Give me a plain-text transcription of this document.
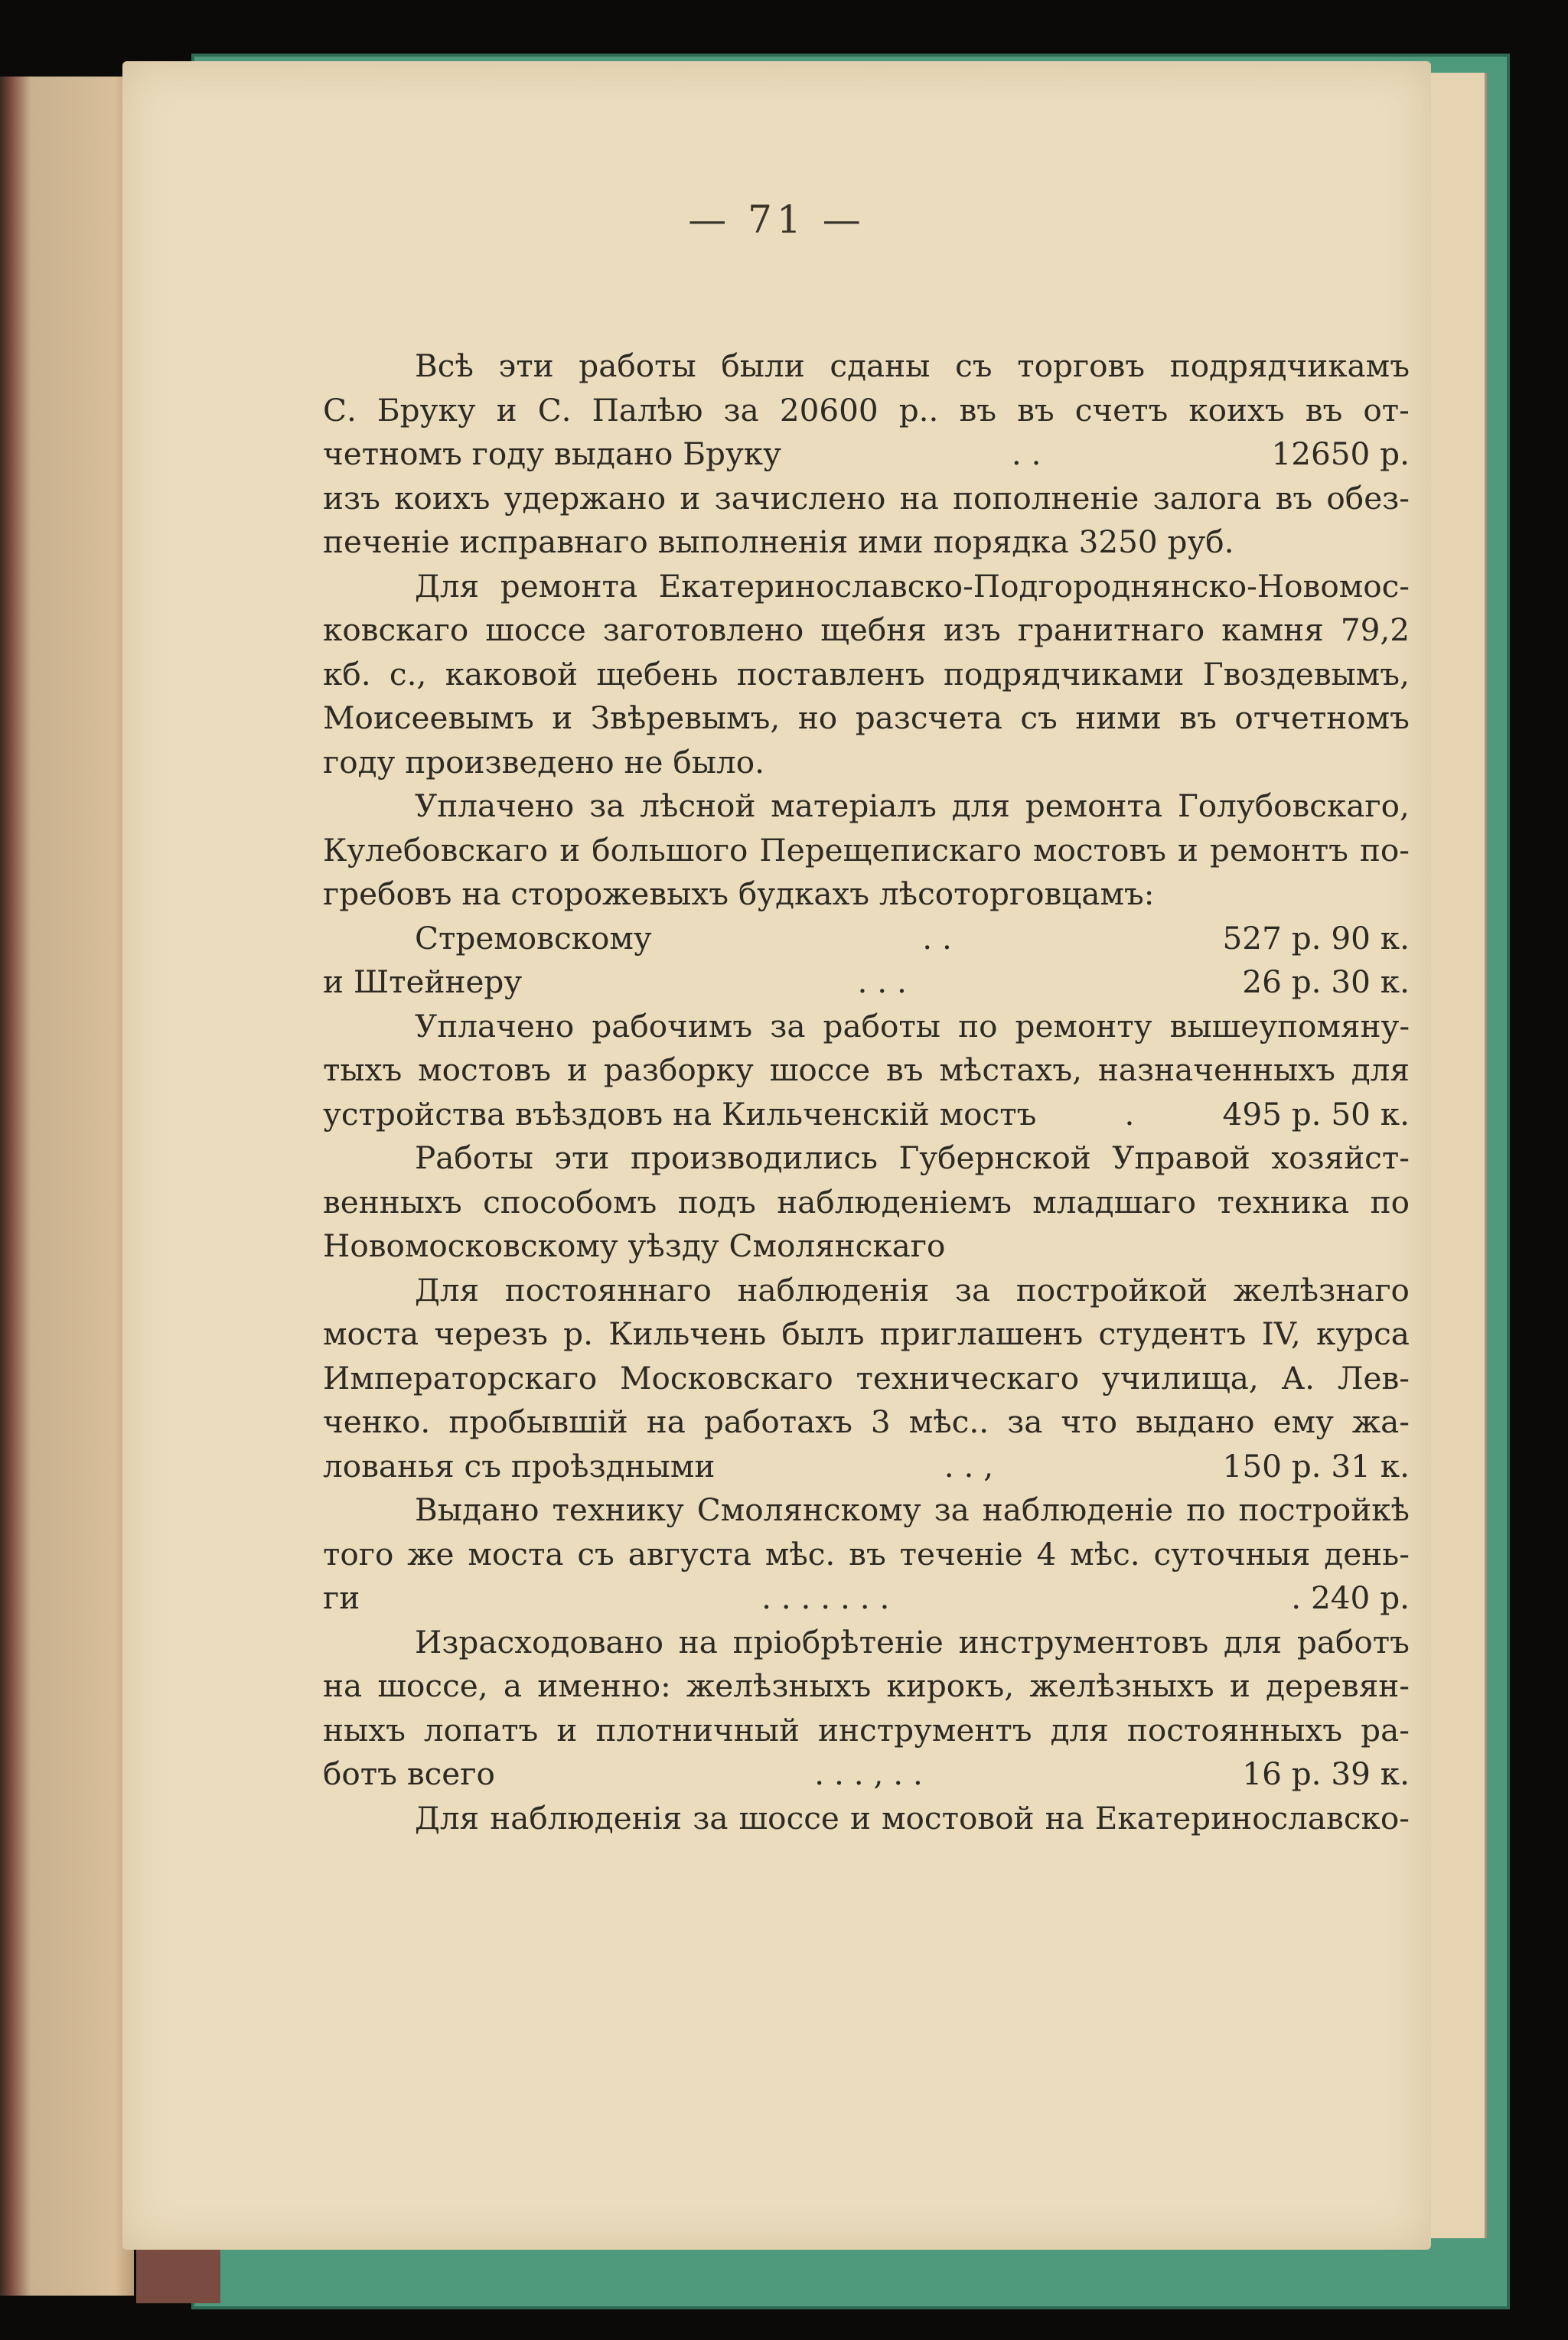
— 71 —
Всѣ эти работы были сданы съ торговъ подрядчикамъ
С. Бруку и С. Палѣю за 20600 р.. въ въ счетъ коихъ въ от-
четномъ году выдано Бруку	. .	12650 р.
изъ коихъ удержано и зачислено на пополненіе залога въ обез-
печеніе исправнаго выполненія ими порядка 3250 руб.
Для ремонта Екатеринославско-Подгороднянско-Новомос-
ковскаго шоссе заготовлено щебня изъ гранитнаго камня 79,2
кб. с., каковой щебень поставленъ подрядчиками Гвоздевымъ,
Моисеевымъ и Звѣревымъ, но разсчета съ ними въ отчетномъ
году произведено не было.
Уплачено за лѣсной матеріалъ для ремонта Голубовскаго,
Кулебовскаго и большого Перещепискаго мостовъ и ремонтъ по-
гребовъ на сторожевыхъ будкахъ лѣсоторговцамъ:
Стремовскому	. .	527 р. 90 к.
и Штейнеру	. . .	26 р. 30 к.
Уплачено рабочимъ за работы по ремонту вышеупомяну-
тыхъ мостовъ и разборку шоссе въ мѣстахъ, назначенныхъ для
устройства въѣздовъ на Кильченскій мостъ	.	495 р. 50 к.
Работы эти производились Губернской Управой хозяйст-
венныхъ способомъ подъ наблюденіемъ младшаго техника по
Новомосковскому уѣзду Смолянскаго
Для постояннаго наблюденія за постройкой желѣзнаго
моста черезъ р. Кильчень былъ приглашенъ студентъ IV, курса
Императорскаго Московскаго техническаго училища, А. Лев-
ченко. пробывшій на работахъ 3 мѣс.. за что выдано ему жа-
лованья съ проѣздными	. . ,	150 р. 31 к.
Выдано технику Смолянскому за наблюденіе по постройкѣ
того же моста съ августа мѣс. въ теченіе 4 мѣс. суточныя день-
ги	. . . . . . .	. 240 р.
Израсходовано на пріобрѣтеніе инструментовъ для работъ
на шоссе, а именно: желѣзныхъ кирокъ, желѣзныхъ и деревян-
ныхъ лопатъ и плотничный инструментъ для постоянныхъ ра-
ботъ всего	. . . , . .	16 р. 39 к.
Для наблюденія за шоссе и мостовой на Екатеринославско-
